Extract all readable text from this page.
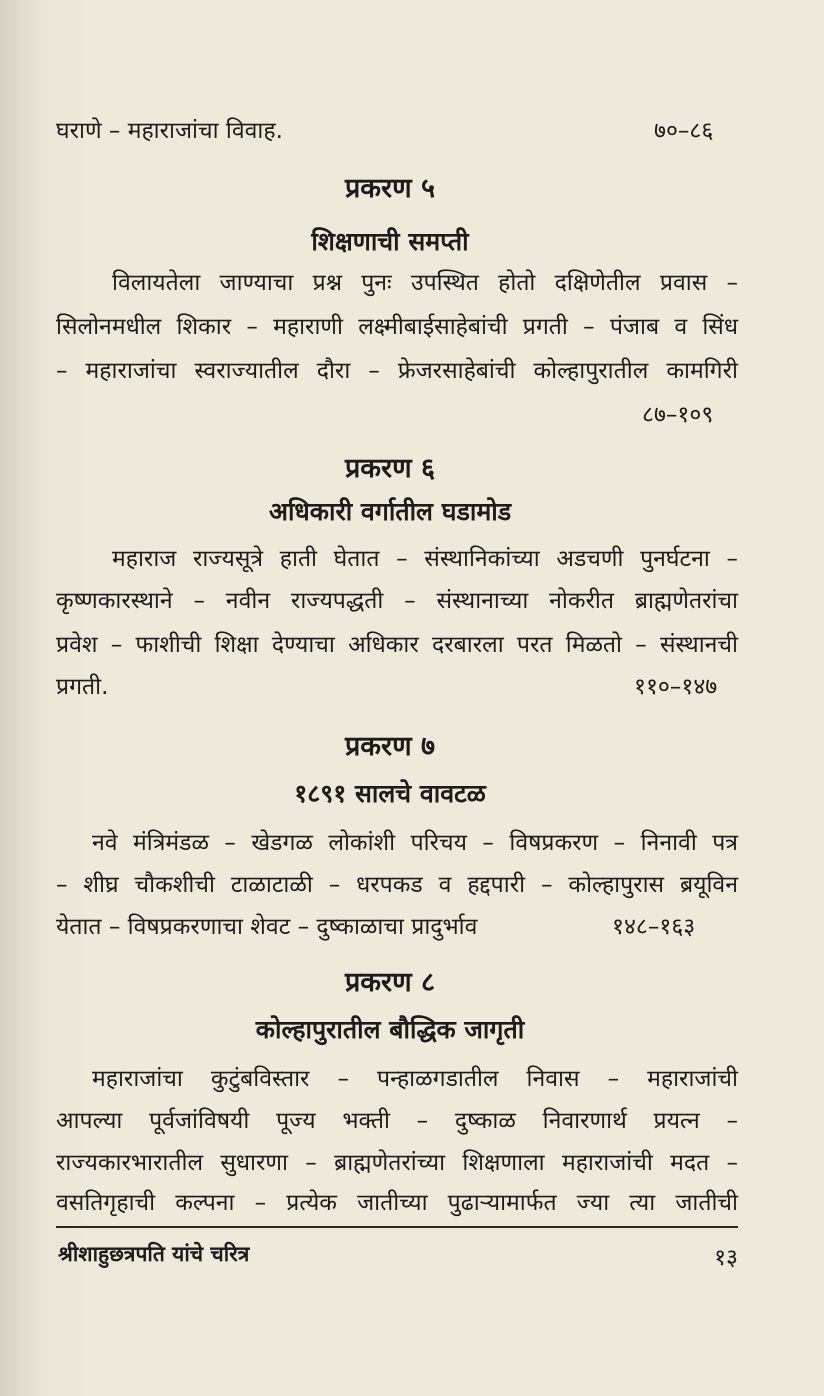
घराणे – महाराजांचा विवाह.	७०–८६
प्रकरण ५
शिक्षणाची समप्ती
विलायतेला जाण्याचा प्रश्न पुनः उपस्थित होतो दक्षिणेतील प्रवास –
सिलोनमधील शिकार – महाराणी लक्ष्मीबाईसाहेबांची प्रगती – पंजाब व सिंध
– महाराजांचा स्वराज्यातील दौरा – फ्रेजरसाहेबांची कोल्हापुरातील कामगिरी
८७–१०९
प्रकरण ६
अधिकारी वर्गातील घडामोड
महाराज राज्यसूत्रे हाती घेतात – संस्थानिकांच्या अडचणी पुनर्घटना –
कृष्णकारस्थाने – नवीन राज्यपद्धती – संस्थानाच्या नोकरीत ब्राह्मणेतरांचा
प्रवेश – फाशीची शिक्षा देण्याचा अधिकार दरबारला परत मिळतो – संस्थानची
प्रगती.	११०–१४७
प्रकरण ७
१८९१ सालचे वावटळ
नवे मंत्रिमंडळ – खेडगळ लोकांशी परिचय – विषप्रकरण – निनावी पत्र
– शीघ्र चौकशीची टाळाटाळी – धरपकड व हद्दपारी – कोल्हापुरास ब्रयूविन
येतात – विषप्रकरणाचा शेवट – दुष्काळाचा प्रादुर्भाव	१४८–१६३
प्रकरण ८
कोल्हापुरातील बौद्धिक जागृती
महाराजांचा कुटुंबविस्तार – पन्हाळगडातील निवास – महाराजांची
आपल्या पूर्वजांविषयी पूज्य भक्ती – दुष्काळ निवारणार्थ प्रयत्न –
राज्यकारभारातील सुधारणा – ब्राह्मणेतरांच्या शिक्षणाला महाराजांची मदत –
वसतिगृहाची कल्पना – प्रत्येक जातीच्या पुढाऱ्यामार्फत ज्या त्या जातीची
श्रीशाहुछत्रपति यांचे चरित्र	१३
